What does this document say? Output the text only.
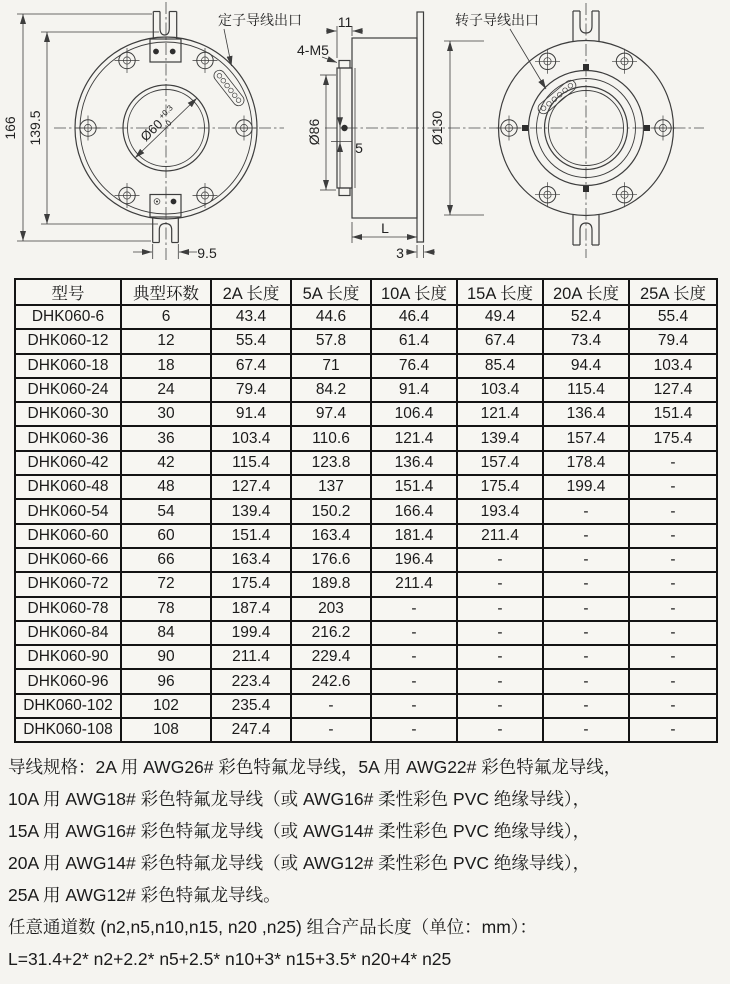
定子导线出口
166 139.5
9.5
Ø60
+0.3
0
11
4-M5
Ø86
5
Ø130
L
3
转子导线出口
型号	典型环数	2A 长度	5A 长度	10A 长度	15A 长度	20A 长度	25A 长度
DHK060-6	6	43.4	44.6	46.4	49.4	52.4	55.4
DHK060-12	12	55.4	57.8	61.4	67.4	73.4	79.4
DHK060-18	18	67.4	71	76.4	85.4	94.4	103.4
DHK060-24	24	79.4	84.2	91.4	103.4	115.4	127.4
DHK060-30	30	91.4	97.4	106.4	121.4	136.4	151.4
DHK060-36	36	103.4	110.6	121.4	139.4	157.4	175.4
DHK060-42	42	115.4	123.8	136.4	157.4	178.4	-
DHK060-48	48	127.4	137	151.4	175.4	199.4	-
DHK060-54	54	139.4	150.2	166.4	193.4	-	-
DHK060-60	60	151.4	163.4	181.4	211.4	-	-
DHK060-66	66	163.4	176.6	196.4	-	-	-
DHK060-72	72	175.4	189.8	211.4	-	-	-
DHK060-78	78	187.4	203	-	-	-	-
DHK060-84	84	199.4	216.2	-	-	-	-
DHK060-90	90	211.4	229.4	-	-	-	-
DHK060-96	96	223.4	242.6	-	-	-	-
DHK060-102	102	235.4	-	-	-	-	-
DHK060-108	108	247.4	-	-	-	-	-
导线规格：2A 用 AWG26# 彩色特氟龙导线，5A 用 AWG22# 彩色特氟龙导线，
10A 用 AWG18# 彩色特氟龙导线（或 AWG16# 柔性彩色 PVC 绝缘导线），
15A 用 AWG16# 彩色特氟龙导线（或 AWG14# 柔性彩色 PVC 绝缘导线），
20A 用 AWG14# 彩色特氟龙导线（或 AWG12# 柔性彩色 PVC 绝缘导线），
25A 用 AWG12# 彩色特氟龙导线。
任意通道数 (n2,n5,n10,n15, n20 ,n25) 组合产品长度（单位：mm）：
L=31.4+2* n2+2.2* n5+2.5* n10+3* n15+3.5* n20+4* n25
